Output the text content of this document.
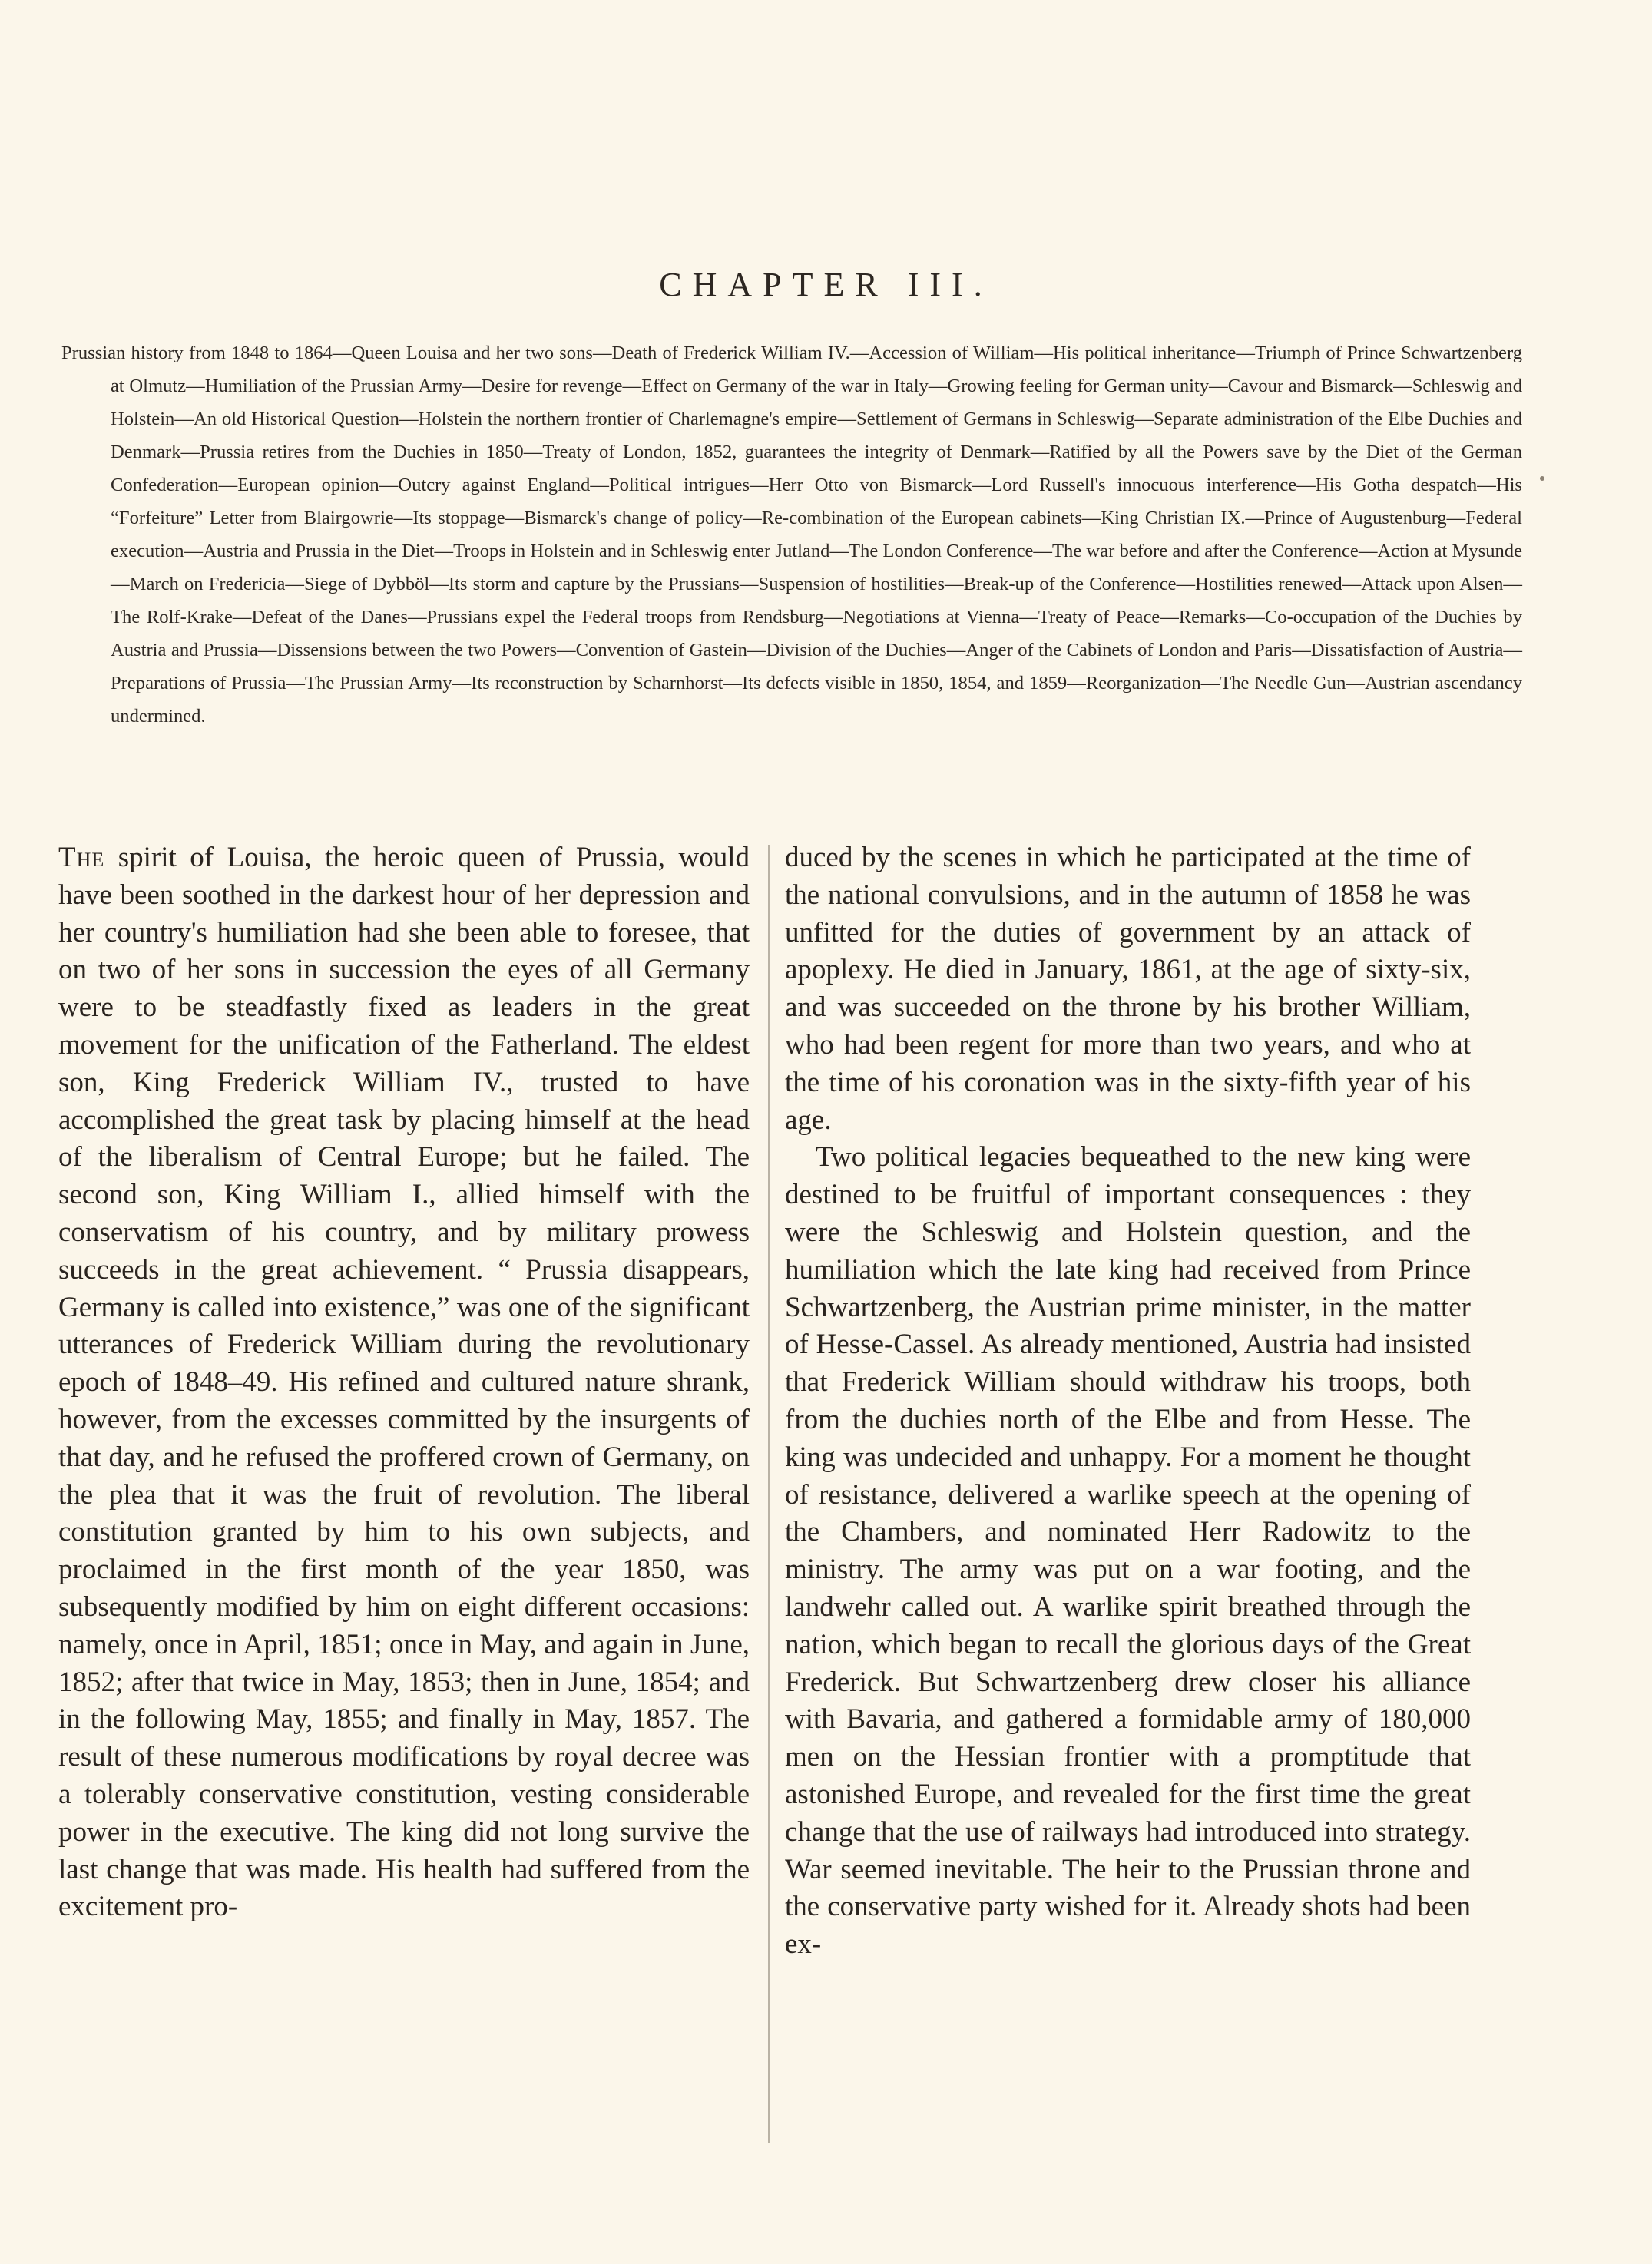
CHAPTER III.
Prussian history from 1848 to 1864—Queen Louisa and her two sons—Death of Frederick William IV.—Accession of William—His political inheritance—Triumph of Prince Schwartzenberg at Olmutz—Humiliation of the Prussian Army—Desire for revenge—Effect on Germany of the war in Italy—Growing feeling for German unity—Cavour and Bismarck—Schleswig and Holstein—An old Historical Question—Holstein the northern frontier of Charlemagne's empire—Settlement of Germans in Schleswig—Separate administration of the Elbe Duchies and Denmark—Prussia retires from the Duchies in 1850—Treaty of London, 1852, guarantees the integrity of Denmark—Ratified by all the Powers save by the Diet of the German Confederation—European opinion—Outcry against England—Political intrigues—Herr Otto von Bismarck—Lord Russell's innocuous interference—His Gotha despatch—His “Forfeiture” Letter from Blairgowrie—Its stoppage—Bismarck's change of policy—Re-combination of the European cabinets—King Christian IX.—Prince of Augustenburg—Federal execution—Austria and Prussia in the Diet—Troops in Holstein and in Schleswig enter Jutland—The London Conference—The war before and after the Conference—Action at Mysunde—March on Fredericia—Siege of Dybböl—Its storm and capture by the Prussians—Suspension of hostilities—Break-up of the Conference—Hostilities renewed—Attack upon Alsen—The Rolf-Krake—Defeat of the Danes—Prussians expel the Federal troops from Rendsburg—Negotiations at Vienna—Treaty of Peace—Remarks—Co-occupation of the Duchies by Austria and Prussia—Dissensions between the two Powers—Convention of Gastein—Division of the Duchies—Anger of the Cabinets of London and Paris—Dissatisfaction of Austria—Preparations of Prussia—The Prussian Army—Its reconstruction by Scharnhorst—Its defects visible in 1850, 1854, and 1859—Reorganization—The Needle Gun—Austrian ascendancy undermined.

The spirit of Louisa, the heroic queen of Prussia, would have been soothed in the darkest hour of her depression and her country's humiliation had she been able to foresee, that on two of her sons in succession the eyes of all Germany were to be steadfastly fixed as leaders in the great movement for the unification of the Fatherland. The eldest son, King Frederick William IV., trusted to have accomplished the great task by placing himself at the head of the liberalism of Central Europe; but he failed. The second son, King William I., allied himself with the conservatism of his country, and by military prowess succeeds in the great achievement. “ Prussia disappears, Germany is called into existence,” was one of the significant utterances of Frederick William during the revolutionary epoch of 1848–49. His refined and cultured nature shrank, however, from the excesses committed by the insurgents of that day, and he refused the proffered crown of Germany, on the plea that it was the fruit of revolution. The liberal constitution granted by him to his own subjects, and proclaimed in the first month of the year 1850, was subsequently modified by him on eight different occasions: namely, once in April, 1851; once in May, and again in June, 1852; after that twice in May, 1853; then in June, 1854; and in the following May, 1855; and finally in May, 1857. The result of these numerous modifications by royal decree was a tolerably conservative constitution, vesting considerable power in the executive. The king did not long survive the last change that was made. His health had suffered from the excitement pro-

duced by the scenes in which he participated at the time of the national convulsions, and in the autumn of 1858 he was unfitted for the duties of government by an attack of apoplexy. He died in January, 1861, at the age of sixty-six, and was succeeded on the throne by his brother William, who had been regent for more than two years, and who at the time of his coronation was in the sixty-fifth year of his age.

Two political legacies bequeathed to the new king were destined to be fruitful of important consequences : they were the Schleswig and Holstein question, and the humiliation which the late king had received from Prince Schwartzenberg, the Austrian prime minister, in the matter of Hesse-Cassel. As already mentioned, Austria had insisted that Frederick William should withdraw his troops, both from the duchies north of the Elbe and from Hesse. The king was undecided and unhappy. For a moment he thought of resistance, delivered a warlike speech at the opening of the Chambers, and nominated Herr Radowitz to the ministry. The army was put on a war footing, and the landwehr called out. A warlike spirit breathed through the nation, which began to recall the glorious days of the Great Frederick. But Schwartzenberg drew closer his alliance with Bavaria, and gathered a formidable army of 180,000 men on the Hessian frontier with a promptitude that astonished Europe, and revealed for the first time the great change that the use of railways had introduced into strategy. War seemed inevitable. The heir to the Prussian throne and the conservative party wished for it. Already shots had been ex-
